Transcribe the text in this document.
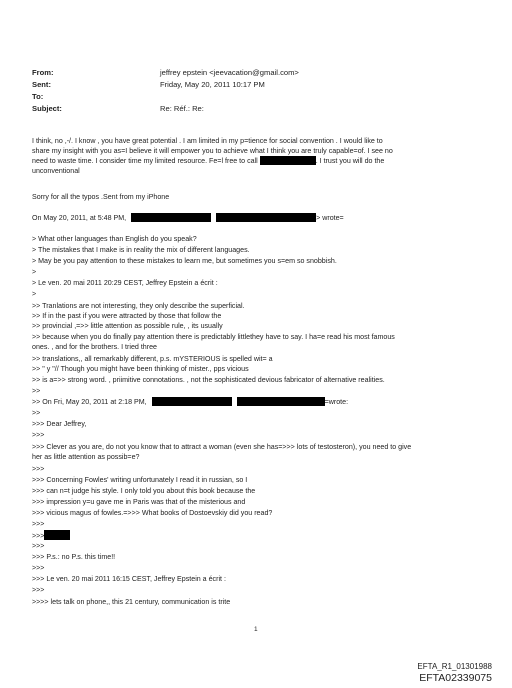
From:	jeffrey epstein <jeevacation@gmail.com>
Sent:	Friday, May 20, 2011 10:17 PM
To:
Subject:	Re: Réf.: Re:
I think, no ,-/. I know , you have great potential . I am limited in my p=tience for social convention . I would like to
share my insight with you as=I believe it will empower you to achieve what I think you are truly capable=of. I see no
need to waste time. I consider time my limited resource. Fe=l free to call	. I trust you will do the
unconventional
Sorry for all the typos .Sent from my iPhone
On May 20, 2011, at 5:48 PM,	> wrote=
> What other languages than English do you speak?
> The mistakes that I make is in reality the mix of different languages.
> May be you pay attention to these mistakes to learn me, but sometimes you s=em so snobbish.
>
> Le ven. 20 mai 2011 20:29 CEST, Jeffrey Epstein a écrit :
>
>> Tranlations are not interesting, they only describe the superficial.
>> If in the past if you were attracted by those that follow the
>> provincial ,=>> little attention as possible rule, , its usually
>> because when you do finally pay attention there is predictably littlethey have to say. I ha=e read his most famous
ones. , and for the brothers. I tried three
>> translations,, all remarkably different, p.s. mYSTERIOUS is spelled wit= a
>> " y "// Though you might have been thinking of mister., pps vicious
>> is a=>> strong word. , priimitive connotations. , not the sophisticated devious fabricator of alternative realities.
>>
>> On Fri, May 20, 2011 at 2:18 PM,	=wrote:
>>
>>> Dear Jeffrey,
>>>
>>> Clever as you are, do not you know that to attract a woman (even she has=>>> lots of testosteron), you need to give
her as little attention as possib=e?
>>>
>>> Concerning Fowles' writing unfortunately I read it in russian, so I
>>> can n=t judge his style. I only told you about this book because the
>>> impression y=u gave me in Paris was that of the misterious and
>>> vicious magus of fowles.=>>> What books of Dostoevskiy did you read?
>>>
>>>
>>>
>>> P.s.: no P.s. this time!!
>>>
>>> Le ven. 20 mai 2011 16:15 CEST, Jeffrey Epstein a écrit :
>>>
>>>> lets talk on phone,, this 21 century, communication is trite
1
EFTA_R1_01301988
EFTA02339075
